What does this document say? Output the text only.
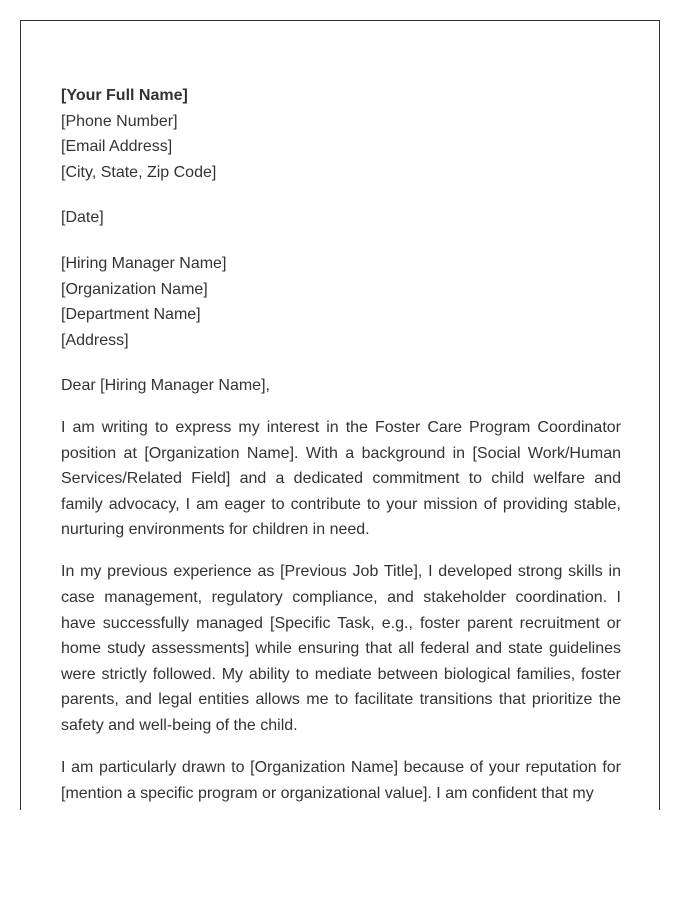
[Your Full Name]
[Phone Number]
[Email Address]
[City, State, Zip Code]
[Date]
[Hiring Manager Name]
[Organization Name]
[Department Name]
[Address]
Dear [Hiring Manager Name],

I am writing to express my interest in the Foster Care Program Coordinator position at [Organization Name]. With a background in [Social Work/Human Services/Related Field] and a dedicated commitment to child welfare and family advocacy, I am eager to contribute to your mission of providing stable, nurturing environments for children in need.

In my previous experience as [Previous Job Title], I developed strong skills in case management, regulatory compliance, and stakeholder coordination. I have successfully managed [Specific Task, e.g., foster parent recruitment or home study assessments] while ensuring that all federal and state guidelines were strictly followed. My ability to mediate between biological families, foster parents, and legal entities allows me to facilitate transitions that prioritize the safety and well-being of the child.

I am particularly drawn to [Organization Name] because of your reputation for [mention a specific program or organizational value]. I am confident that my
